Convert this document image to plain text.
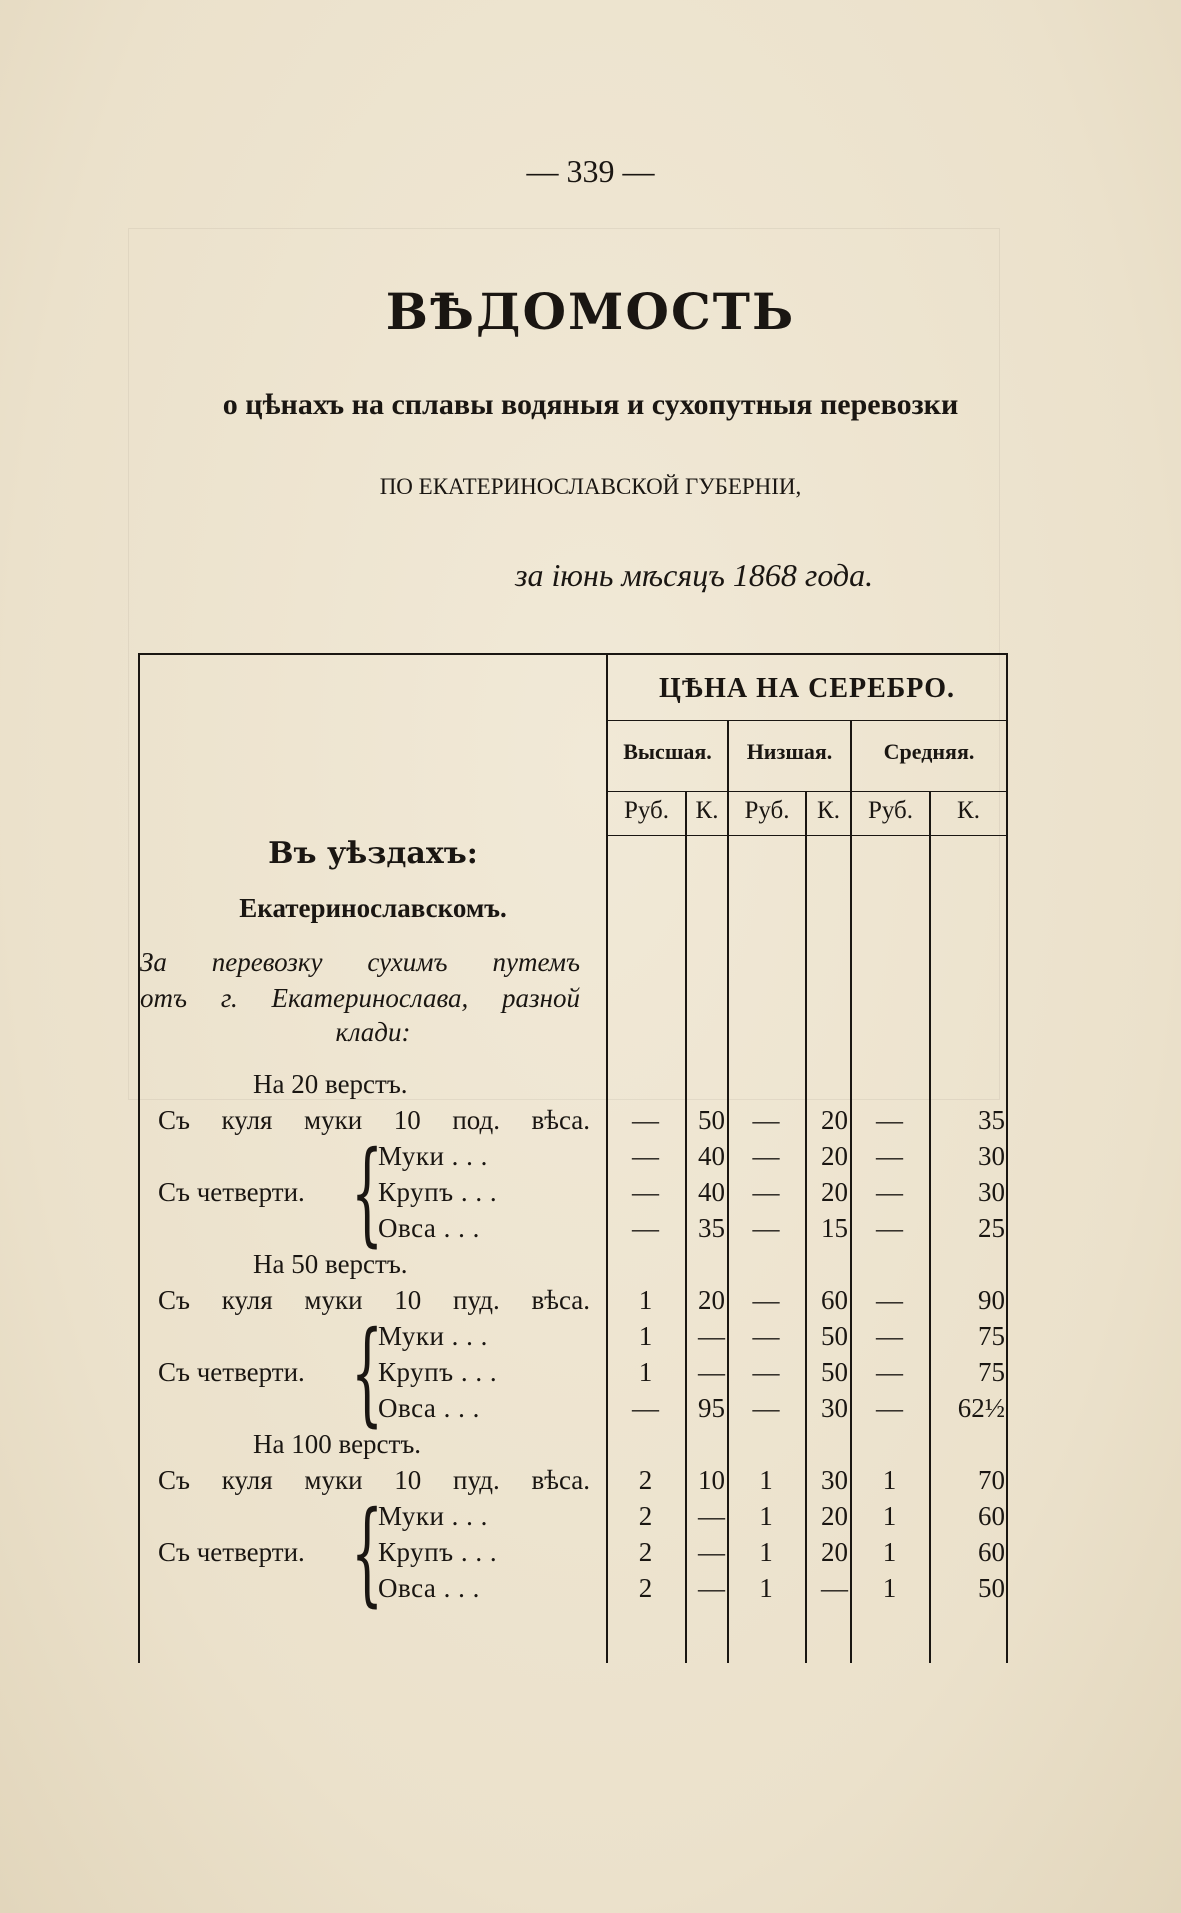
— 339 —
ВѢДОМОСТЬ
о цѣнахъ на сплавы водяныя и сухопутныя перевозки
ПО ЕКАТЕРИНОСЛАВСКОЙ ГУБЕРНІИ,
за іюнь мѣсяцъ 1868 года.
ЦѢНА НА СЕРЕБРО.
Высшая.	Низшая.	Средняя.
Руб.	К.	Руб.	К.	Руб.	К.
Въ уѣздахъ:
Екатеринославскомъ.
За перевозку сухимъ путемъ
отъ г. Екатеринослава, разной
клади:
На 20 верстъ.
Съ куля муки 10 под. вѣса.	—	50	—	20	—	35
Съ четверти. {
Муки . . .	—	40	—	20	—	30
Крупъ . . .	—	40	—	20	—	30
Овса . . .	—	35	—	15	—	25
На 50 верстъ.
Съ куля муки 10 пуд. вѣса.	1	20	—	60	—	90
Съ четверти. {
Муки . . .	1	—	—	50	—	75
Крупъ . . .	1	—	—	50	—	75
Овса . . .	—	95	—	30	—	62½
На 100 верстъ.
Съ куля муки 10 пуд. вѣса.	2	10	1	30	1	70
Съ четверти. {
Муки . . .	2	—	1	20	1	60
Крупъ . . .	2	—	1	20	1	60
Овса . . .	2	—	1	—	1	50
